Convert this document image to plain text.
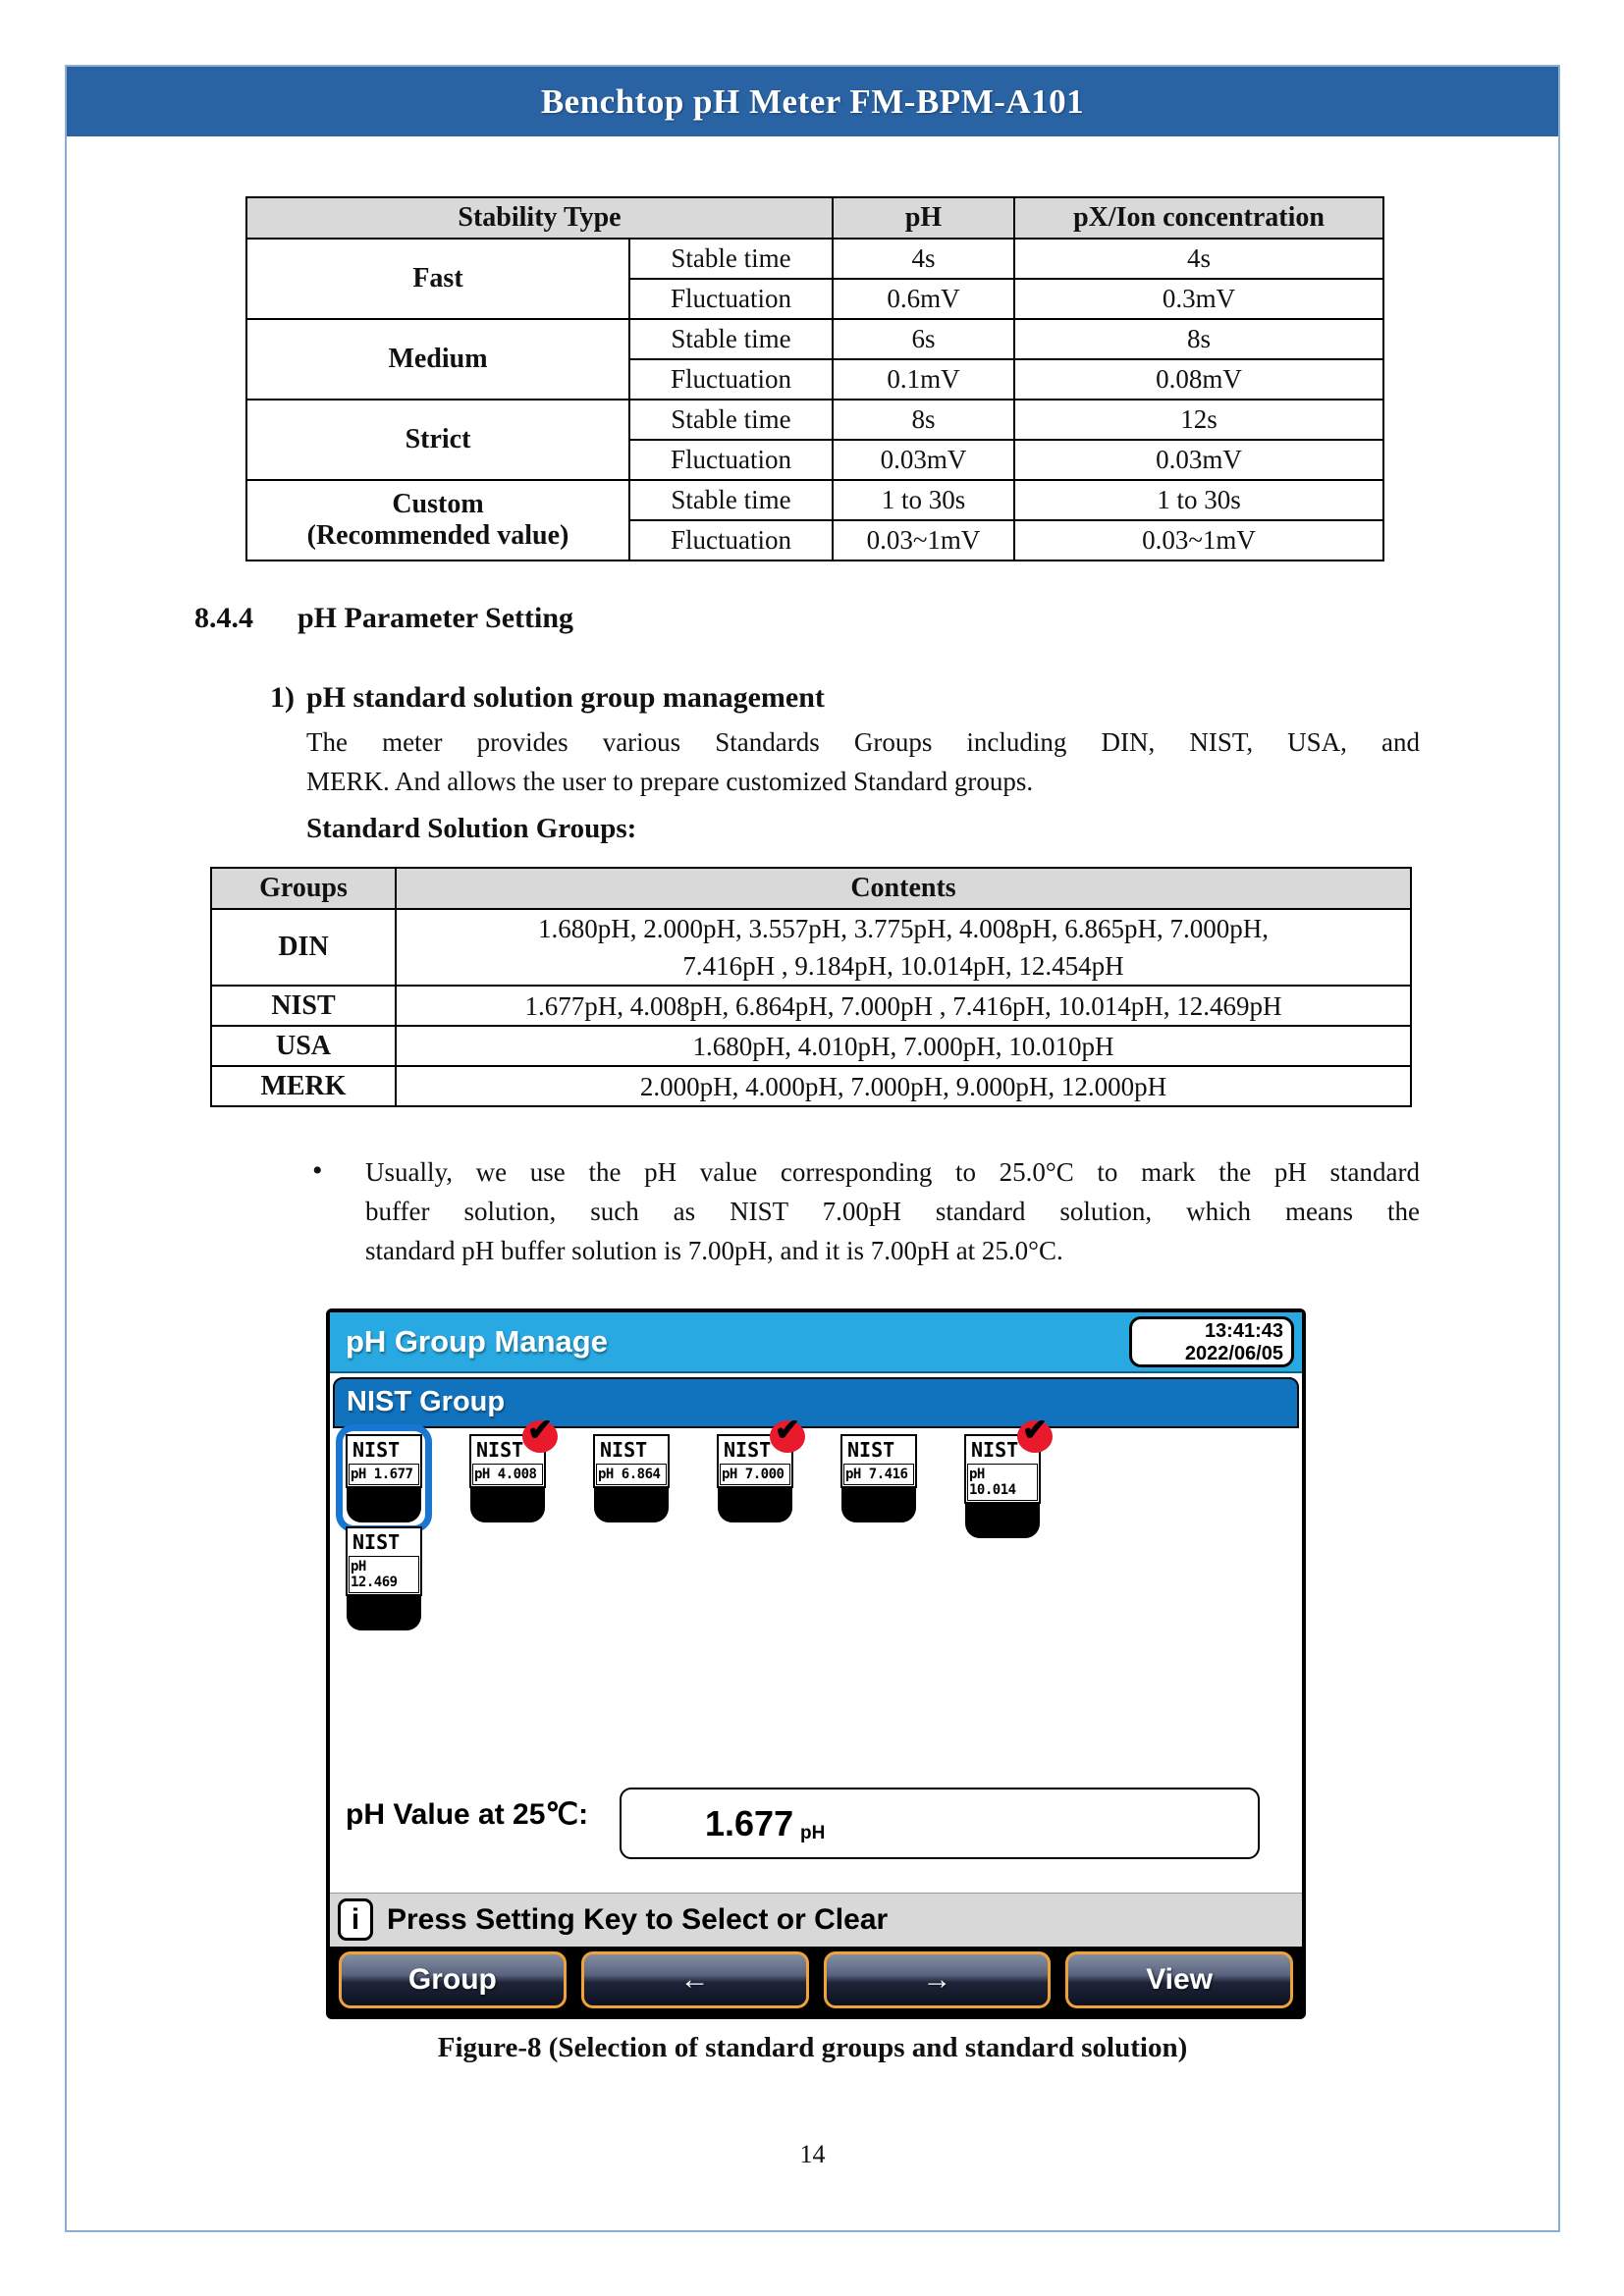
Benchtop pH Meter FM-BPM-A101
Stability Type		pH	pX/Ion concentration
Fast	Stable time	4s	4s
	Fluctuation	0.6mV	0.3mV
Medium	Stable time	6s	8s
	Fluctuation	0.1mV	0.08mV
Strict	Stable time	8s	12s
	Fluctuation	0.03mV	0.03mV

Custom
(Recommended value)	Stable time	1 to 30s	1 to 30s
	Fluctuation	0.03~1mV	0.03~1mV
8.4.4	pH Parameter Setting
1) pH standard solution group management
The meter provides various Standards Groups including DIN, NIST, USA, and
MERK. And allows the user to prepare customized Standard groups.
Standard Solution Groups:
Groups	Contents
DIN	1.680pH, 2.000pH, 3.557pH, 3.775pH, 4.008pH, 6.865pH, 7.000pH,
7.416pH , 9.184pH, 10.014pH, 12.454pH

NIST	1.677pH, 4.008pH, 6.864pH, 7.000pH , 7.416pH, 10.014pH, 12.469pH

USA	1.680pH, 4.010pH, 7.000pH, 10.010pH

MERK	2.000pH, 4.000pH, 7.000pH, 9.000pH, 12.000pH
• Usually, we use the pH value corresponding to 25.0°C to mark the pH standard
buffer solution, such as NIST 7.00pH standard solution, which means the
standard pH buffer solution is 7.00pH, and it is 7.00pH at 25.0°C.
pH Group Manage	13:41:43
2022/06/05
NIST Group
NIST
pH 1.677
NIST
pH 4.008
✔
NIST
pH 6.864
NIST
pH 7.000
✔
NIST
pH 7.416
NIST
pH 10.014
✔
NIST
pH 12.469
pH Value at 25℃:	1.677 pH
i Press Setting Key to Select or Clear
Group	←	→	View
Figure-8 (Selection of standard groups and standard solution)
14
